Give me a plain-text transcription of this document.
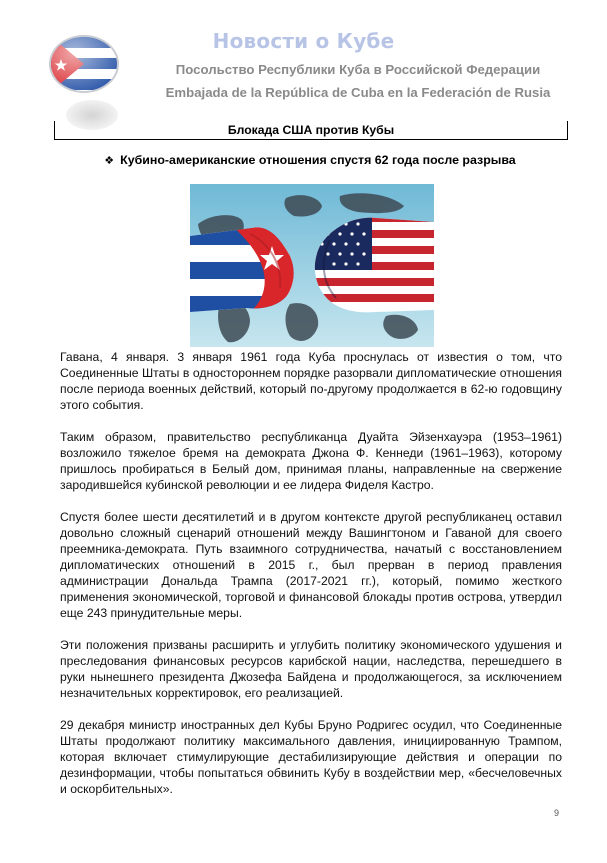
Новости о Кубе
Посольство Республики Куба в Российской Федерации
Embajada de la República de Cuba en la Federación de Rusia
Блокада США против Кубы
❖ Кубино-американские отношения спустя 62 года после разрыва

Гавана, 4 января. 3 января 1961 года Куба проснулась от известия о том, что Соединенные Штаты в одностороннем порядке разорвали дипломатические отношения после периода военных действий, который по-другому продолжается в 62-ю годовщину этого события.

Таким образом, правительство республиканца Дуайта Эйзенхауэра (1953–1961) возложило тяжелое бремя на демократа Джона Ф. Кеннеди (1961–1963), которому пришлось пробираться в Белый дом, принимая планы, направленные на свержение зародившейся кубинской революции и ее лидера Фиделя Кастро.

Спустя более шести десятилетий и в другом контексте другой республиканец оставил довольно сложный сценарий отношений между Вашингтоном и Гаваной для своего преемника-демократа. Путь взаимного сотрудничества, начатый с восстановлением дипломатических отношений в 2015 г., был прерван в период правления администрации Дональда Трампа (2017-2021 гг.), который, помимо жесткого применения экономической, торговой и финансовой блокады против острова, утвердил еще 243 принудительные меры.

Эти положения призваны расширить и углубить политику экономического удушения и преследования финансовых ресурсов карибской нации, наследства, перешедшего в руки нынешнего президента Джозефа Байдена и продолжающегося, за исключением незначительных корректировок, его реализацией.

29 декабря министр иностранных дел Кубы Бруно Родригес осудил, что Соединенные Штаты продолжают политику максимального давления, инициированную Трампом, которая включает стимулирующие дестабилизирующие действия и операции по дезинформации, чтобы попытаться обвинить Кубу в воздействии мер, «бесчеловечных и оскорбительных».

9
